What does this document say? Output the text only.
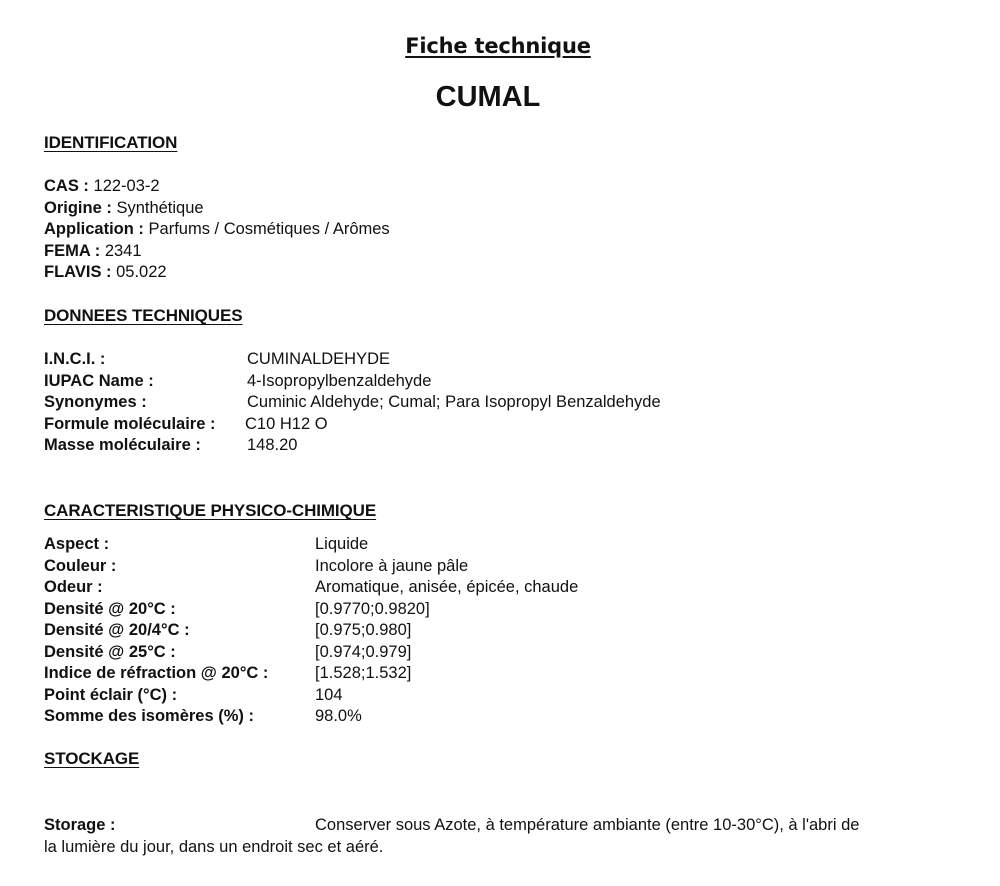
Fiche technique
CUMAL
IDENTIFICATION
CAS : 122-03-2
Origine : Synthétique
Application : Parfums / Cosmétiques / Arômes
FEMA : 2341
FLAVIS : 05.022
DONNEES TECHNIQUES
I.N.C.I. :	CUMINALDEHYDE
IUPAC Name :	4-Isopropylbenzaldehyde
Synonymes :	Cuminic Aldehyde; Cumal; Para Isopropyl Benzaldehyde
Formule moléculaire : C10 H12 O
Masse moléculaire :	148.20
CARACTERISTIQUE PHYSICO-CHIMIQUE
Aspect :	Liquide
Couleur :	Incolore à jaune pâle
Odeur :	Aromatique, anisée, épicée, chaude
Densité @ 20°C :	[0.9770;0.9820]
Densité @ 20/4°C :	[0.975;0.980]
Densité @ 25°C :	[0.974;0.979]
Indice de réfraction @ 20°C :	[1.528;1.532]
Point éclair (°C) :	104
Somme des isomères (%) :	98.0%
STOCKAGE
Storage :	Conserver sous Azote, à température ambiante (entre 10-30°C), à l'abri de
la lumière du jour, dans un endroit sec et aéré.
